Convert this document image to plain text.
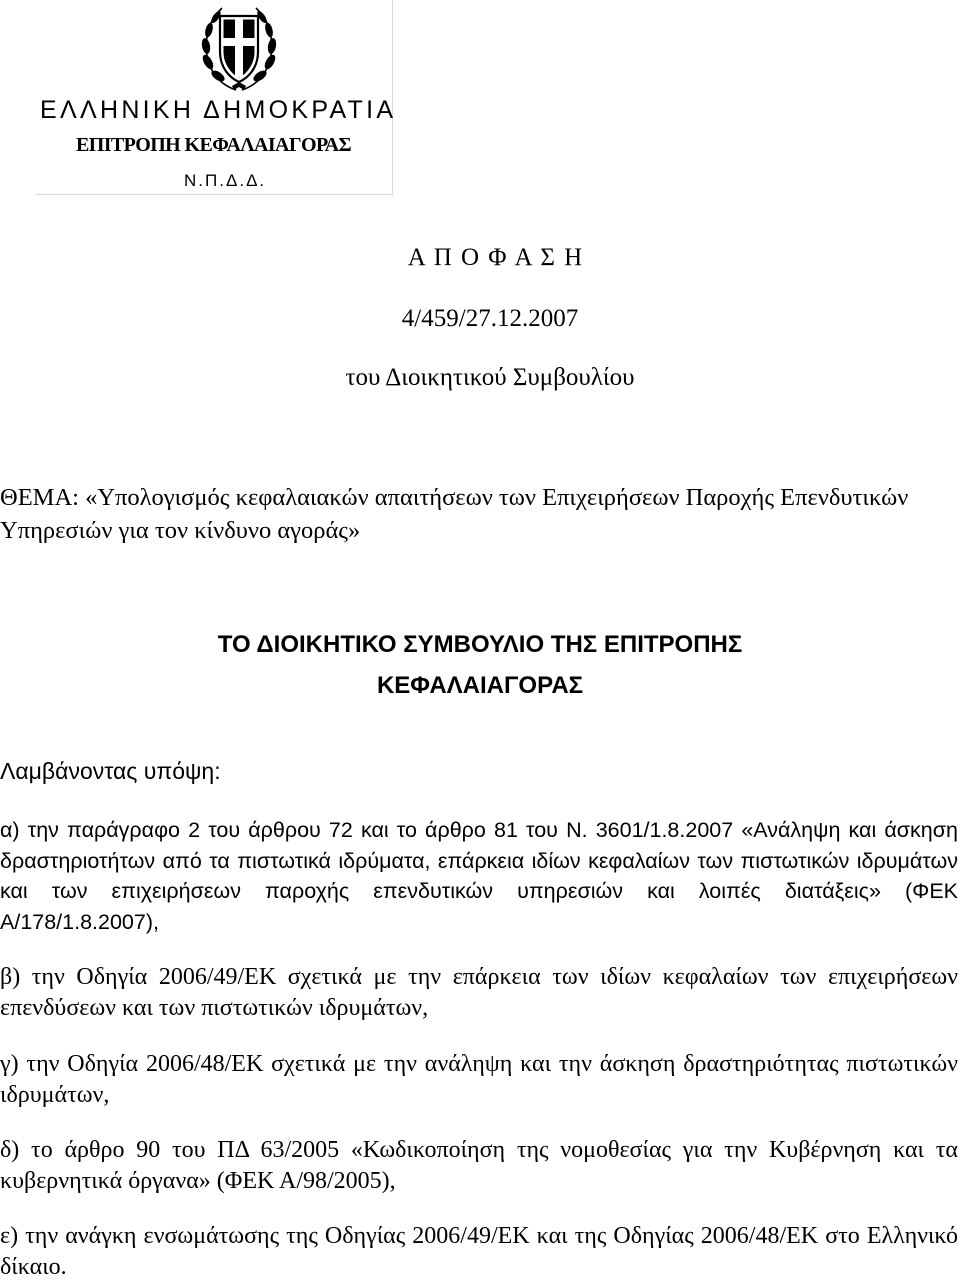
ΕΛΛΗΝΙΚΗ ΔΗΜΟΚΡΑΤΙΑ
ΕΠΙΤΡΟΠΗ ΚΕΦΑΛΑΙΑΓΟΡΑΣ
Ν.Π.Δ.Δ.
Α Π Ο Φ Α Σ Η
4/459/27.12.2007
του Διοικητικού Συμβουλίου
ΘΕΜΑ: «Υπολογισμός κεφαλαιακών απαιτήσεων των Επιχειρήσεων Παροχής Επενδυτικών
Υπηρεσιών για τον κίνδυνο αγοράς»
ΤΟ ΔΙΟΙΚΗΤΙΚΟ ΣΥΜΒΟΥΛΙΟ ΤΗΣ ΕΠΙΤΡΟΠΗΣ
ΚΕΦΑΛΑΙΑΓΟΡΑΣ
Λαμβάνοντας υπόψη:
α) την παράγραφο 2 του άρθρου 72 και το άρθρο 81 του Ν. 3601/1.8.2007 «Ανάληψη και άσκηση δραστηριοτήτων από τα πιστωτικά ιδρύματα, επάρκεια ιδίων κεφαλαίων των πιστωτικών ιδρυμάτων και των επιχειρήσεων παροχής επενδυτικών υπηρεσιών και λοιπές διατάξεις» (ΦΕΚ Α/178/1.8.2007),
β) την Οδηγία 2006/49/ΕΚ σχετικά με την επάρκεια των ιδίων κεφαλαίων των επιχειρήσεων επενδύσεων και των πιστωτικών ιδρυμάτων,
γ) την Οδηγία 2006/48/ΕΚ σχετικά με την ανάληψη και την άσκηση δραστηριότητας πιστωτικών ιδρυμάτων,
δ) το άρθρο 90 του ΠΔ 63/2005 «Κωδικοποίηση της νομοθεσίας για την Κυβέρνηση και τα κυβερνητικά όργανα» (ΦΕΚ Α/98/2005),
ε) την ανάγκη ενσωμάτωσης της Οδηγίας 2006/49/ΕΚ και της Οδηγίας 2006/48/ΕΚ στο Ελληνικό δίκαιο.
